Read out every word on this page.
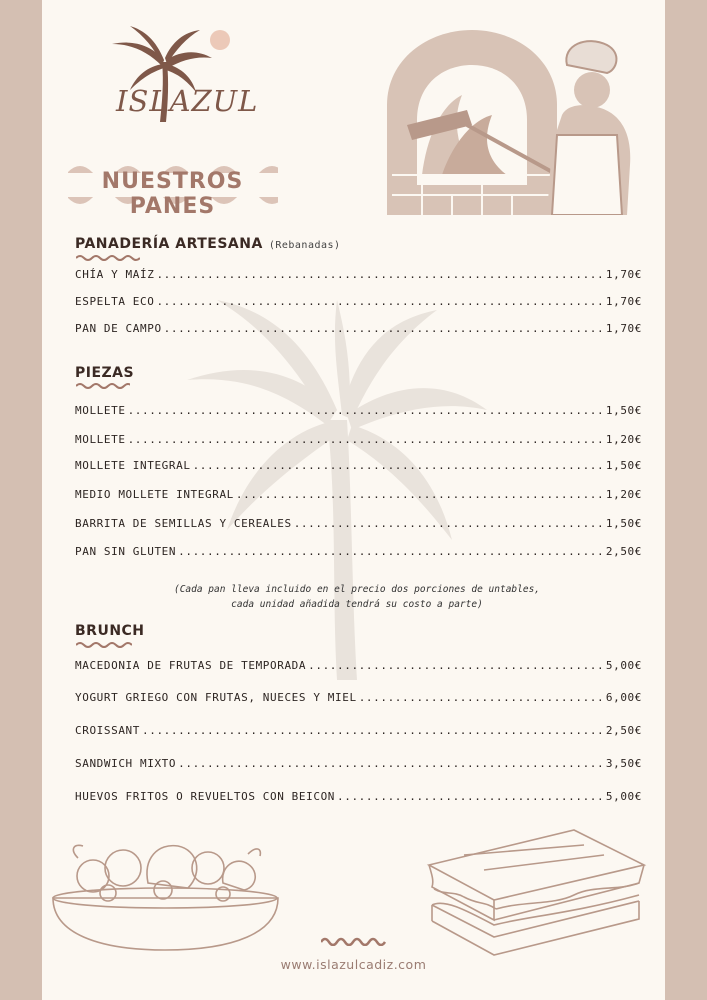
ISLAZUL
NUESTROS PANES
PANADERÍA ARTESANA (Rebanadas)
CHÍA Y MAÍZ .....	1,70€
ESPELTA ECO .....	1,70€
PAN DE CAMPO .....	1,70€
PIEZAS
MOLLETE .....	1,50€
MOLLETE .....	1,20€
MOLLETE INTEGRAL .....	1,50€
MEDIO MOLLETE INTEGRAL .....	1,20€
BARRITA DE SEMILLAS Y CEREALES .....	1,50€
PAN SIN GLUTEN .....	2,50€
(Cada pan lleva incluido en el precio dos porciones de untables,
cada unidad añadida tendrá su costo a parte)
BRUNCH
MACEDONIA DE FRUTAS DE TEMPORADA .....	5,00€
YOGURT GRIEGO CON FRUTAS, NUECES Y MIEL .....	6,00€
CROISSANT .....	2,50€
SANDWICH MIXTO .....	3,50€
HUEVOS FRITOS O REVUELTOS CON BEICON .....	5,00€
www.islazulcadiz.com
